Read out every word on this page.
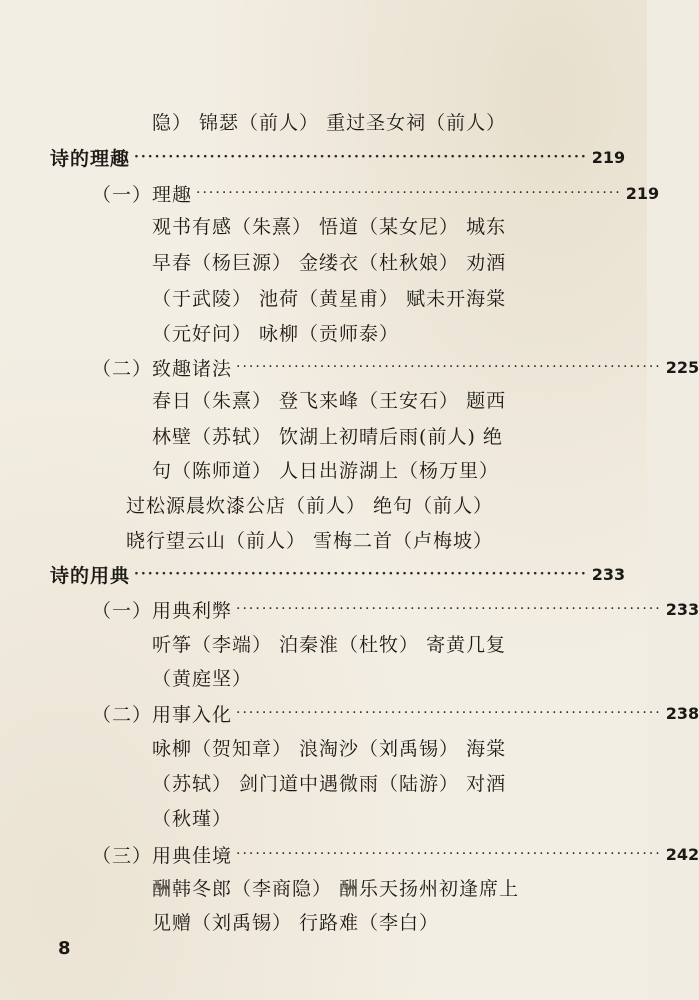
隐） 锦瑟（前人） 重过圣女祠（前人）
诗的理趣 ·································································· 219
（一）理趣 ·································································· 219
观书有感（朱熹） 悟道（某女尼） 城东
早春（杨巨源） 金缕衣（杜秋娘） 劝酒
（于武陵） 池荷（黄星甫） 赋未开海棠
（元好问） 咏柳（贡师泰）
（二）致趣诸法 ·································································· 225
春日（朱熹） 登飞来峰（王安石） 题西
林壁（苏轼） 饮湖上初晴后雨(前人) 绝
句（陈师道） 人日出游湖上（杨万里）
过松源晨炊漆公店（前人） 绝句（前人）
晓行望云山（前人） 雪梅二首（卢梅坡）
诗的用典 ·································································· 233
（一）用典利弊 ·································································· 233
听筝（李端） 泊秦淮（杜牧） 寄黄几复
（黄庭坚）
（二）用事入化 ·································································· 238
咏柳（贺知章） 浪淘沙（刘禹锡） 海棠
（苏轼） 剑门道中遇微雨（陆游） 对酒
（秋瑾）
（三）用典佳境 ·································································· 242
酬韩冬郎（李商隐） 酬乐天扬州初逢席上
见赠（刘禹锡） 行路难（李白）
8
